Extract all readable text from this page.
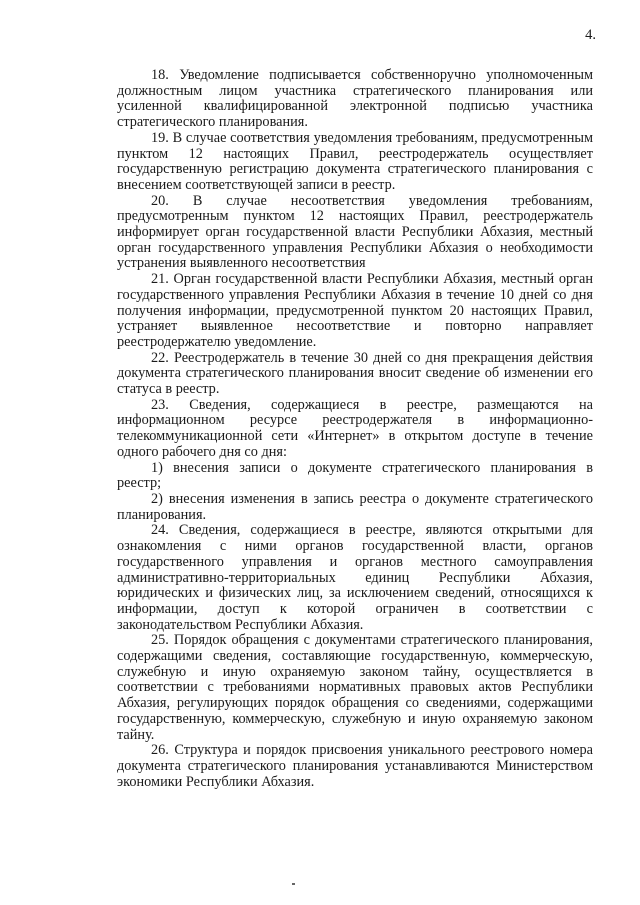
4.

18. Уведомление подписывается собственноручно уполномоченным должностным лицом участника стратегического планирования или усиленной квалифицированной электронной подписью участника стратегического планирования.

19. В случае соответствия уведомления требованиям, предусмотренным пунктом 12 настоящих Правил, реестродержатель осуществляет государственную регистрацию документа стратегического планирования с внесением соответствующей записи в реестр.

20. В случае несоответствия уведомления требованиям, предусмотренным пунктом 12 настоящих Правил, реестродержатель информирует орган государственной власти Республики Абхазия, местный орган государственного управления Республики Абхазия о необходимости устранения выявленного несоответствия

21. Орган государственной власти Республики Абхазия, местный орган государственного управления Республики Абхазия в течение 10 дней со дня получения информации, предусмотренной пунктом 20 настоящих Правил, устраняет выявленное несоответствие и повторно направляет реестродержателю уведомление.

22. Реестродержатель в течение 30 дней со дня прекращения действия документа стратегического планирования вносит сведение об изменении его статуса в реестр.

23. Сведения, содержащиеся в реестре, размещаются на информационном ресурсе реестродержателя в информационно-телекоммуникационной сети «Интернет» в открытом доступе в течение одного рабочего дня со дня:

1) внесения записи о документе стратегического планирования в реестр;

2) внесения изменения в запись реестра о документе стратегического планирования.

24. Сведения, содержащиеся в реестре, являются открытыми для ознакомления с ними органов государственной власти, органов государственного управления и органов местного самоуправления административно-территориальных единиц Республики Абхазия, юридических и физических лиц, за исключением сведений, относящихся к информации, доступ к которой ограничен в соответствии с законодательством Республики Абхазия.

25. Порядок обращения с документами стратегического планирования, содержащими сведения, составляющие государственную, коммерческую, служебную и иную охраняемую законом тайну, осуществляется в соответствии с требованиями нормативных правовых актов Республики Абхазия, регулирующих порядок обращения со сведениями, содержащими государственную, коммерческую, служебную и иную охраняемую законом тайну.

26. Структура и порядок присвоения уникального реестрового номера документа стратегического планирования устанавливаются Министерством экономики Республики Абхазия.
